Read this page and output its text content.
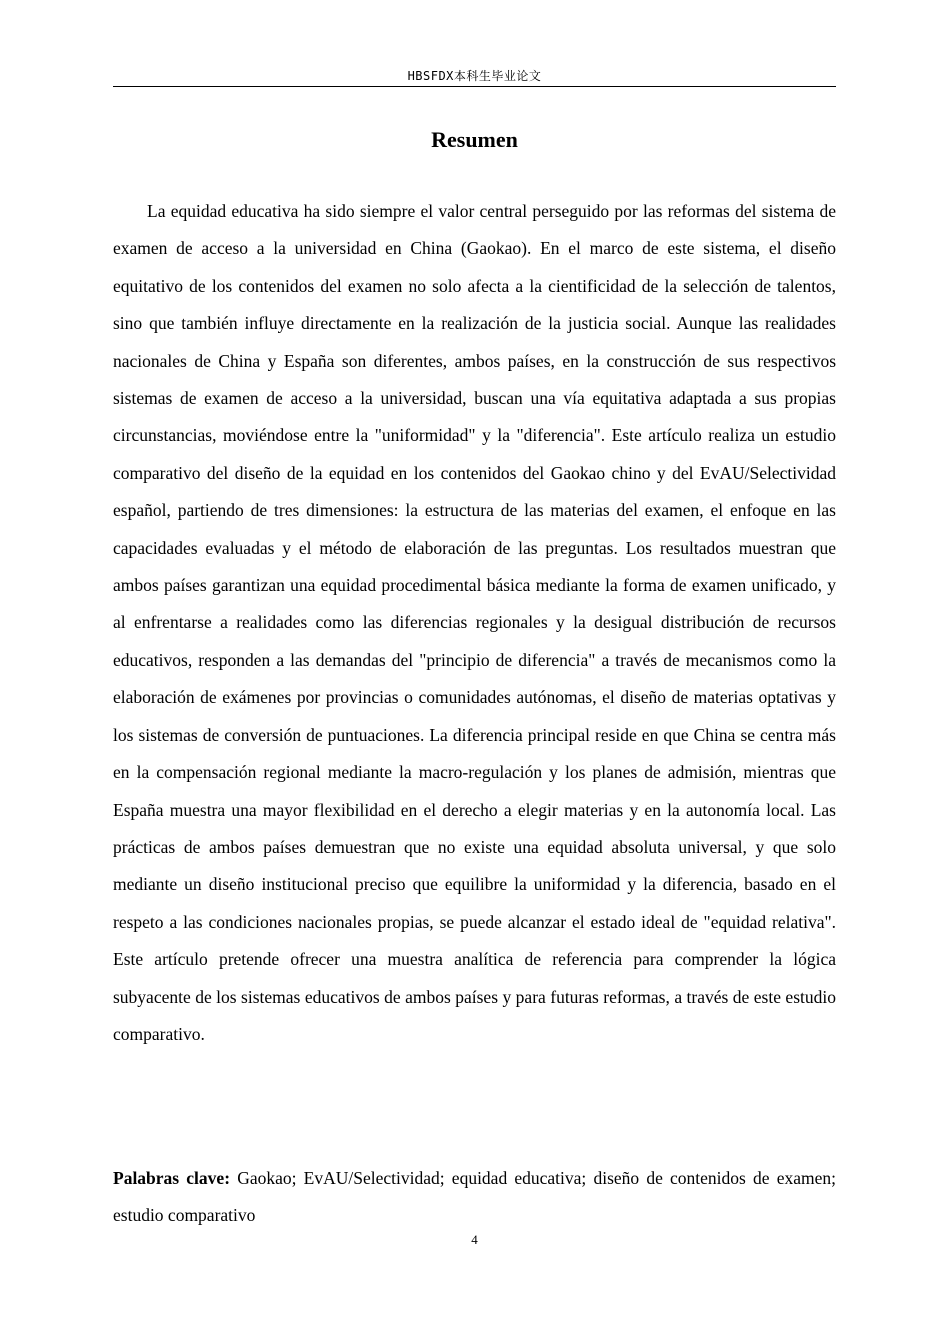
HBSFDX本科生毕业论文
Resumen

La equidad educativa ha sido siempre el valor central perseguido por las reformas del sistema de examen de acceso a la universidad en China (Gaokao). En el marco de este sistema, el diseño equitativo de los contenidos del examen no solo afecta a la cientificidad de la selección de talentos, sino que también influye directamente en la realización de la justicia social. Aunque las realidades nacionales de China y España son diferentes, ambos países, en la construcción de sus respectivos sistemas de examen de acceso a la universidad, buscan una vía equitativa adaptada a sus propias circunstancias, moviéndose entre la "uniformidad" y la "diferencia". Este artículo realiza un estudio comparativo del diseño de la equidad en los contenidos del Gaokao chino y del EvAU/Selectividad español, partiendo de tres dimensiones: la estructura de las materias del examen, el enfoque en las capacidades evaluadas y el método de elaboración de las preguntas. Los resultados muestran que ambos países garantizan una equidad procedimental básica mediante la forma de examen unificado, y al enfrentarse a realidades como las diferencias regionales y la desigual distribución de recursos educativos, responden a las demandas del "principio de diferencia" a través de mecanismos como la elaboración de exámenes por provincias o comunidades autónomas, el diseño de materias optativas y los sistemas de conversión de puntuaciones. La diferencia principal reside en que China se centra más en la compensación regional mediante la macro-regulación y los planes de admisión, mientras que España muestra una mayor flexibilidad en el derecho a elegir materias y en la autonomía local. Las prácticas de ambos países demuestran que no existe una equidad absoluta universal, y que solo mediante un diseño institucional preciso que equilibre la uniformidad y la diferencia, basado en el respeto a las condiciones nacionales propias, se puede alcanzar el estado ideal de "equidad relativa". Este artículo pretende ofrecer una muestra analítica de referencia para comprender la lógica subyacente de los sistemas educativos de ambos países y para futuras reformas, a través de este estudio comparativo.

Palabras clave: Gaokao; EvAU/Selectividad; equidad educativa; diseño de contenidos de examen; estudio comparativo

4
